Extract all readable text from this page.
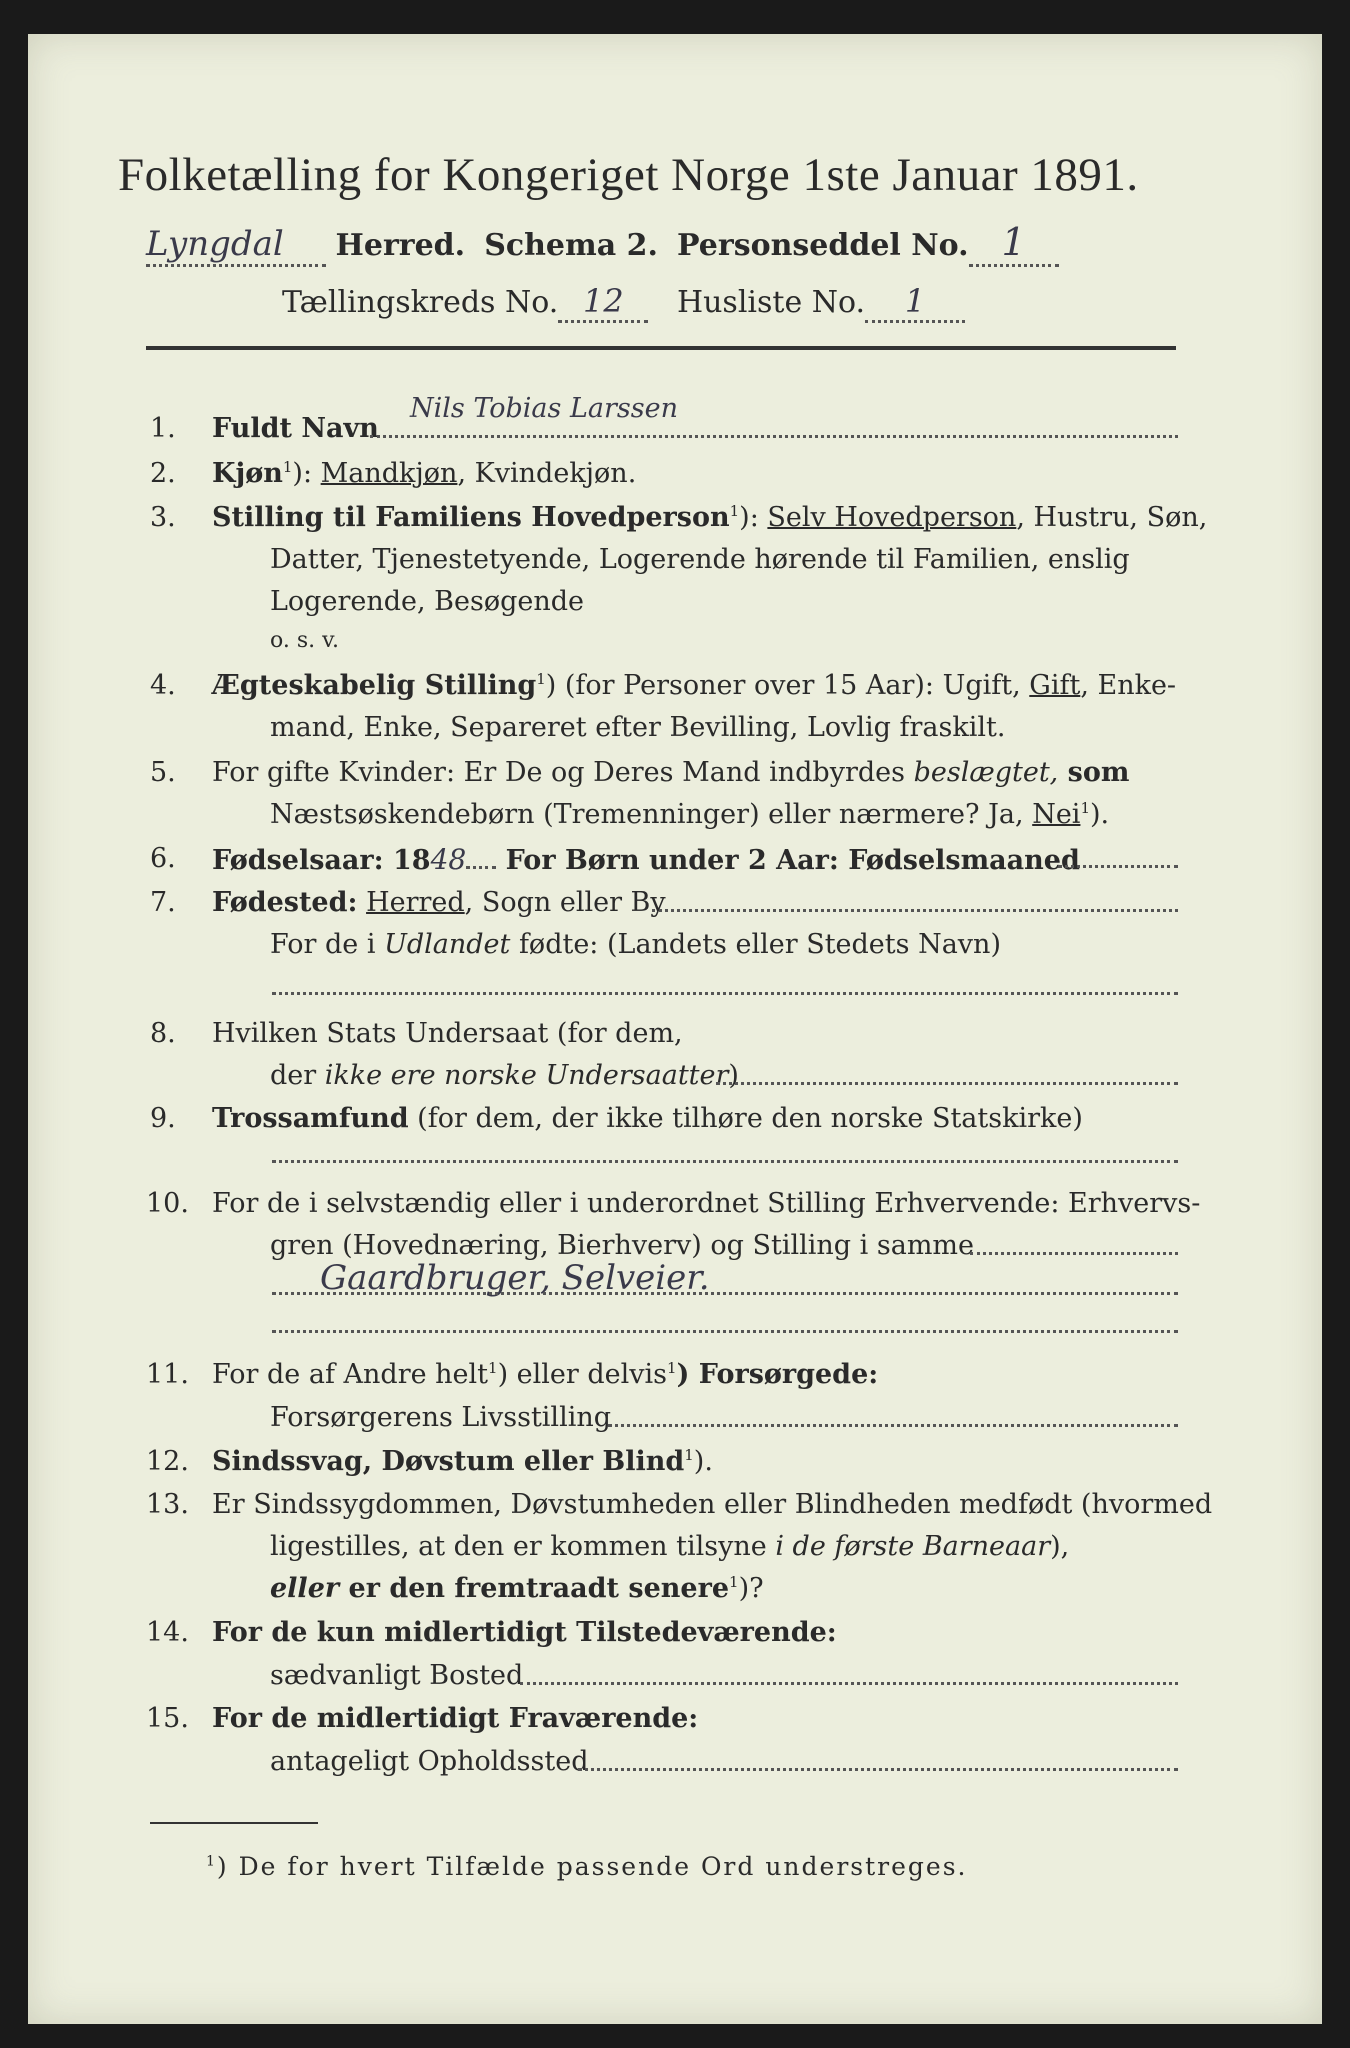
Folketælling for Kongeriget Norge 1ste Januar 1891.
Lyngdal Herred. Schema 2. Personseddel No. 1
Tællingskreds No. 12 Husliste No. 1
1. Fuldt Navn
Nils Tobias Larssen
2. Kjøn$^1$): Mandkjøn, Kvindekjøn.
3. Stilling til Familiens Hovedperson$^1$): Selv Hovedperson, Hustru, Søn,
Datter, Tjenestetyende, Logerende hørende til Familien, enslig
Logerende, Besøgende
o. s. v.
4. Ægteskabelig Stilling$^1$) (for Personer over 15 Aar): Ugift, Gift, Enke-
mand, Enke, Separeret efter Bevilling, Lovlig fraskilt.
5. For gifte Kvinder: Er De og Deres Mand indbyrdes beslægtet, som
Næstsøskendebørn (Tremenninger) eller nærmere? Ja, Nei$^1$).
6. Fødselsaar: 1848 For Børn under 2 Aar: Fødselsmaaned
7. Fødested: Herred, Sogn eller By
For de i Udlandet fødte: (Landets eller Stedets Navn)
8. Hvilken Stats Undersaat (for dem,
der ikke ere norske Undersaatter)
9. Trossamfund (for dem, der ikke tilhøre den norske Statskirke)
10. For de i selvstændig eller i underordnet Stilling Erhvervende: Erhvervs-
gren (Hovednæring, Bierhverv) og Stilling i samme
Gaardbruger, Selveier.
11. For de af Andre helt$^1$) eller delvis$^1$) Forsørgede:
Forsørgerens Livsstilling
12. Sindssvag, Døvstum eller Blind$^1$).
13. Er Sindssygdommen, Døvstumheden eller Blindheden medfødt (hvormed
ligestilles, at den er kommen tilsyne i de første Barneaar),
eller er den fremtraadt senere$^1$)?
14. For de kun midlertidigt Tilstedeværende:
sædvanligt Bosted
15. For de midlertidigt Fraværende:
antageligt Opholdssted
$^1$) De for hvert Tilfælde passende Ord understreges.
